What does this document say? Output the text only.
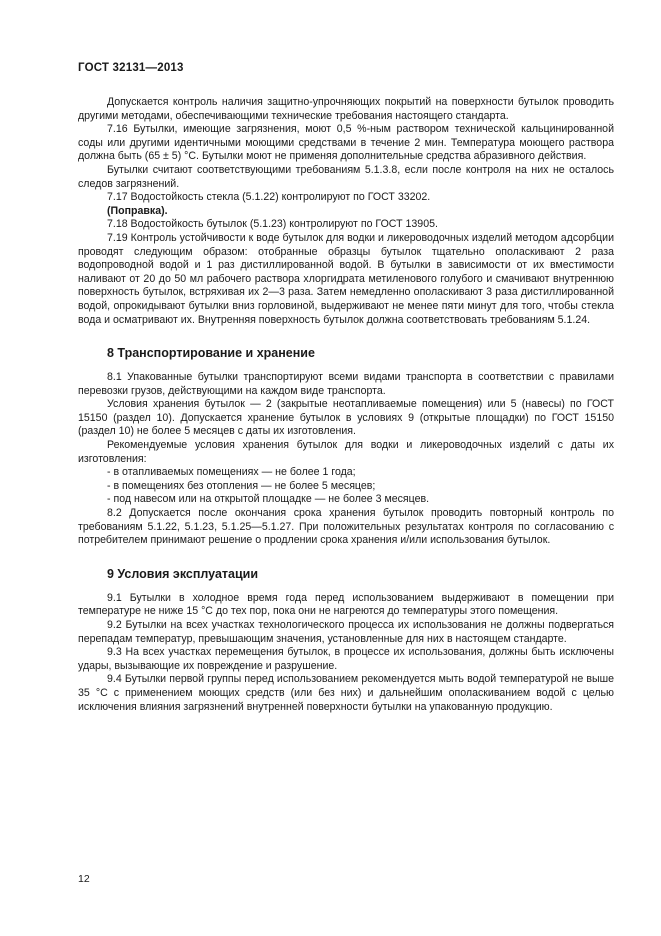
ГОСТ 32131—2013

Допускается контроль наличия защитно-упрочняющих покрытий на поверхности бутылок проводить другими методами, обеспечивающими технические требования настоящего стандарта.

7.16 Бутылки, имеющие загрязнения, моют 0,5 %-ным раствором технической кальцинированной соды или другими идентичными моющими средствами в течение 2 мин. Температура моющего раствора должна быть (65 ± 5) °С. Бутылки моют не применяя дополнительные средства абразивного действия.

Бутылки считают соответствующими требованиям 5.1.3.8, если после контроля на них не осталось следов загрязнений.

7.17 Водостойкость стекла (5.1.22) контролируют по ГОСТ 33202.

(Поправка).

7.18 Водостойкость бутылок (5.1.23) контролируют по ГОСТ 13905.

7.19 Контроль устойчивости к воде бутылок для водки и ликероводочных изделий методом адсорбции проводят следующим образом: отобранные образцы бутылок тщательно ополаскивают 2 раза водопроводной водой и 1 раз дистиллированной водой. В бутылки в зависимости от их вместимости наливают от 20 до 50 мл рабочего раствора хлоргидрата метиленового голубого и смачивают внутреннюю поверхность бутылок, встряхивая их 2—3 раза. Затем немедленно ополаскивают 3 раза дистиллированной водой, опрокидывают бутылки вниз горловиной, выдерживают не менее пяти минут для того, чтобы стекла вода и осматривают их. Внутренняя поверхность бутылок должна соответствовать требованиям 5.1.24.

8 Транспортирование и хранение

8.1 Упакованные бутылки транспортируют всеми видами транспорта в соответствии с правилами перевозки грузов, действующими на каждом виде транспорта.

Условия хранения бутылок — 2 (закрытые неотапливаемые помещения) или 5 (навесы) по ГОСТ 15150 (раздел 10). Допускается хранение бутылок в условиях 9 (открытые площадки) по ГОСТ 15150 (раздел 10) не более 5 месяцев с даты их изготовления.

Рекомендуемые условия хранения бутылок для водки и ликероводочных изделий с даты их изготовления:

- в отапливаемых помещениях — не более 1 года;

- в помещениях без отопления — не более 5 месяцев;

- под навесом или на открытой площадке — не более 3 месяцев.

8.2 Допускается после окончания срока хранения бутылок проводить повторный контроль по требованиям 5.1.22, 5.1.23, 5.1.25—5.1.27. При положительных результатах контроля по согласованию с потребителем принимают решение о продлении срока хранения и/или использования бутылок.

9 Условия эксплуатации

9.1 Бутылки в холодное время года перед использованием выдерживают в помещении при температуре не ниже 15 °С до тех пор, пока они не нагреются до температуры этого помещения.

9.2 Бутылки на всех участках технологического процесса их использования не должны подвергаться перепадам температур, превышающим значения, установленные для них в настоящем стандарте.

9.3 На всех участках перемещения бутылок, в процессе их использования, должны быть исключены удары, вызывающие их повреждение и разрушение.

9.4 Бутылки первой группы перед использованием рекомендуется мыть водой температурой не выше 35 °С с применением моющих средств (или без них) и дальнейшим ополаскиванием водой с целью исключения влияния загрязнений внутренней поверхности бутылки на упакованную продукцию.

12
